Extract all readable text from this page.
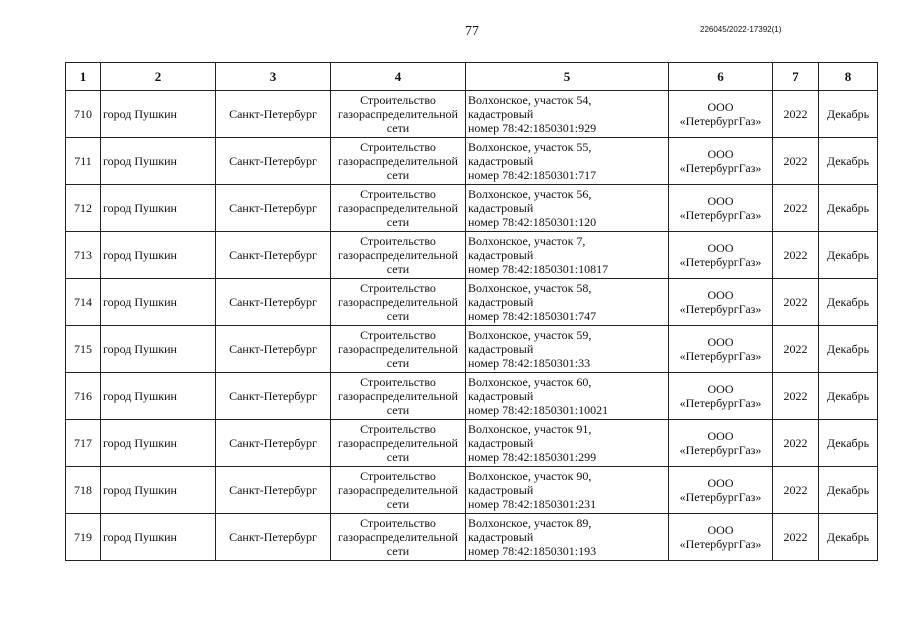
77	226045/2022-17392(1)
1	2	3	4	5	6	7	8
710	город Пушкин	Санкт-Петербург	Строительство газораспределительной сети	Волхонское, участок 54,
кадастровый
номер 78:42:1850301:929	ООО
«ПетербургГаз»	2022	Декабрь
711	город Пушкин	Санкт-Петербург	Строительство газораспределительной сети	Волхонское, участок 55,
кадастровый
номер 78:42:1850301:717	ООО
«ПетербургГаз»	2022	Декабрь
712	город Пушкин	Санкт-Петербург	Строительство газораспределительной сети	Волхонское, участок 56,
кадастровый
номер 78:42:1850301:120	ООО
«ПетербургГаз»	2022	Декабрь
713	город Пушкин	Санкт-Петербург	Строительство газораспределительной сети	Волхонское, участок 7,
кадастровый
номер 78:42:1850301:10817	ООО
«ПетербургГаз»	2022	Декабрь
714	город Пушкин	Санкт-Петербург	Строительство газораспределительной сети	Волхонское, участок 58,
кадастровый
номер 78:42:1850301:747	ООО
«ПетербургГаз»	2022	Декабрь
715	город Пушкин	Санкт-Петербург	Строительство газораспределительной сети	Волхонское, участок 59,
кадастровый
номер 78:42:1850301:33	ООО
«ПетербургГаз»	2022	Декабрь
716	город Пушкин	Санкт-Петербург	Строительство газораспределительной сети	Волхонское, участок 60,
кадастровый
номер 78:42:1850301:10021	ООО
«ПетербургГаз»	2022	Декабрь
717	город Пушкин	Санкт-Петербург	Строительство газораспределительной сети	Волхонское, участок 91,
кадастровый
номер 78:42:1850301:299	ООО
«ПетербургГаз»	2022	Декабрь
718	город Пушкин	Санкт-Петербург	Строительство газораспределительной сети	Волхонское, участок 90,
кадастровый
номер 78:42:1850301:231	ООО
«ПетербургГаз»	2022	Декабрь
719	город Пушкин	Санкт-Петербург	Строительство газораспределительной сети	Волхонское, участок 89,
кадастровый
номер 78:42:1850301:193	ООО
«ПетербургГаз»	2022	Декабрь
